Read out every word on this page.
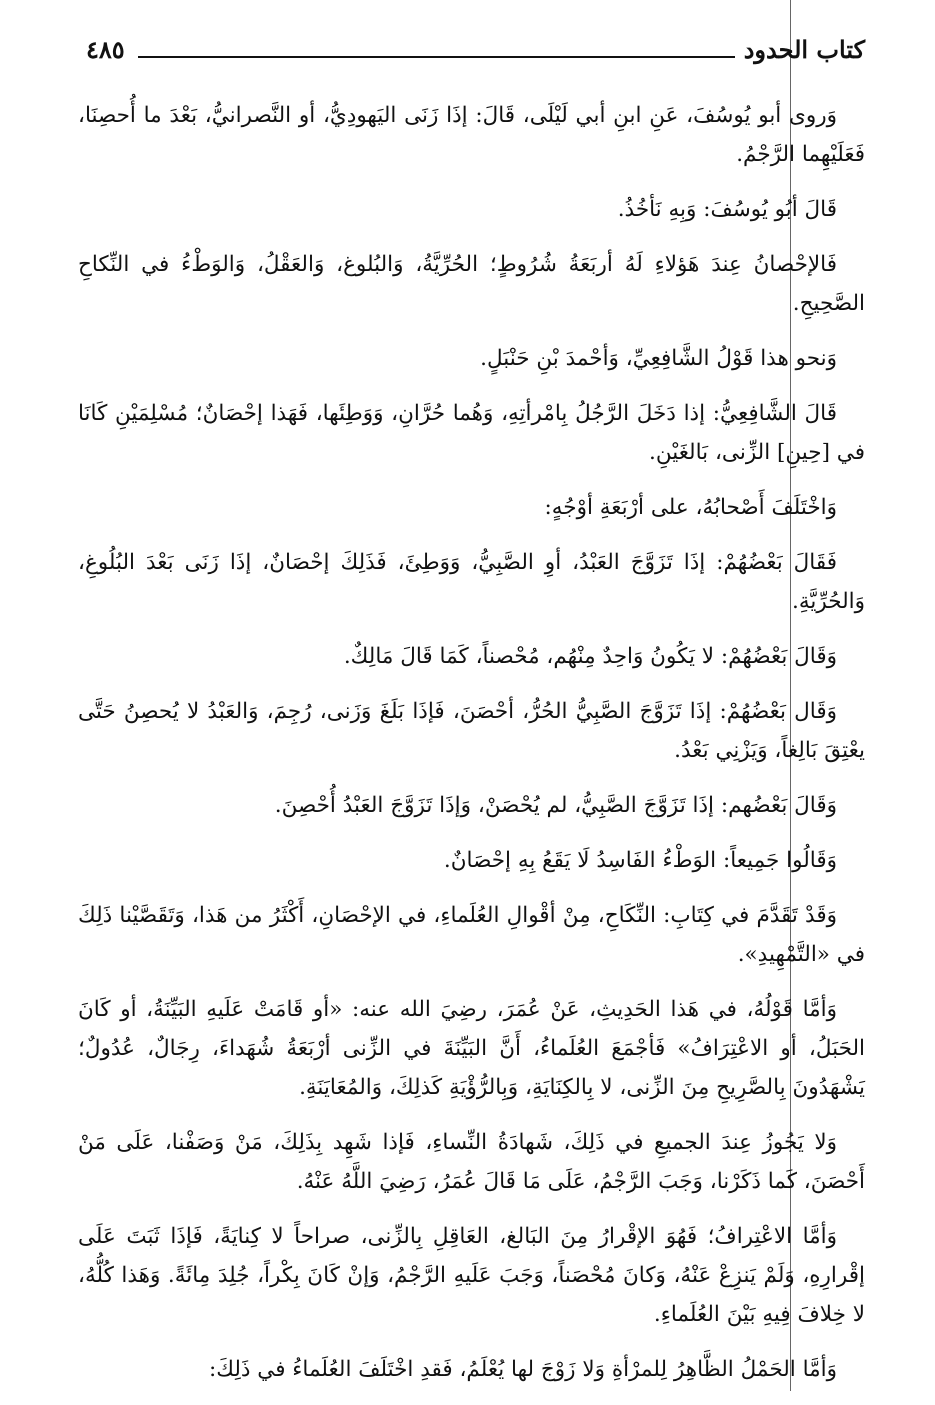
كتاب الحدود
٤٨٥

وَروى أبو يُوسُفَ، عَنِ ابنِ أبي لَيْلَى، قَالَ: إذَا زَنَى اليَهودِيُّ، أو النَّصرانيُّ، بَعْدَ ما أُحصِنَا، فَعَلَيْهِما الرَّجْمُ.

قَالَ أبُو يُوسُفَ: وَبِهِ نَأخُذُ.

فَالإحْصانُ عِندَ هَؤلاءِ لَهُ أربَعَةُ شُرُوطٍ؛ الحُرِّيَّةُ، وَالبُلوغ، وَالعَقْلُ، وَالوَطْءُ في النِّكاحِ الصَّحِيحِ.

وَنحو هذا قَوْلُ الشَّافِعِيِّ، وَأحْمدَ بْنِ حَنْبَلٍ.

قَالَ الشَّافِعِيُّ: إذا دَخَلَ الرَّجُلُ بِامْرأتِهِ، وَهُما حُرَّانِ، وَوَطِئَها، فَهَذا إحْصَانٌ؛ مُسْلِمَيْنِ كَانَا في [حِينِ] الزِّنى، بَالغَيْنِ.

وَاخْتَلَفَ أَصْحابُهُ، على أرْبَعَةِ أوْجُهٍ:

فَقَالَ بَعْضُهُمْ: إذَا تَزَوَّجَ العَبْدُ، أوِ الصَّبِيُّ، وَوَطِئَ، فَذَلِكَ إحْصَانٌ، إذَا زَنَى بَعْدَ البُلُوغِ، وَالحُرِّيَّةِ.

وَقَالَ بَعْضُهُمْ: لا يَكُونُ وَاحِدٌ مِنْهُم، مُحْصناً، كَمَا قَالَ مَالِكٌ.

وَقَال بَعْضُهُمْ: إذَا تَزَوَّجَ الصَّبِيُّ الحُرُّ، أحْصَنَ، فَإذَا بَلَغَ وَزَنى، رُجِمَ، وَالعَبْدُ لا يُحصِنُ حَتَّى يعْتِقَ بَالِغاً، وَيَزْنِي بَعْدُ.

وَقَالَ بَعْضُهم: إذَا تَزَوَّجَ الصَّبِيُّ، لم يُحْصَنْ، وَإذَا تَزَوَّجَ العَبْدُ أُحْصِنَ.

وَقَالُوا جَمِيعاً: الوَطْءُ الفَاسِدُ لَا يَقَعُ بِهِ إحْصَانٌ.

وَقَدْ تَقَدَّمَ في كِتَابِ: النِّكَاحِ، مِنْ أقْوالِ العُلَماءِ، في الإحْصَانِ، أَكْثَرُ من هَذا، وَتَقَصَّيْنا ذَلِكَ في «التَّمْهِيدِ».

وَأمَّا قَوْلُهُ، في هَذا الحَدِيثِ، عَنْ عُمَرَ، رضِيَ الله عنه: «أو قَامَتْ عَلَيهِ البَيِّنَةُ، أو كَانَ الحَبَلُ، أو الاعْتِرَافُ» فَأجْمَعَ العُلَماءُ، أَنَّ البَيِّنَةَ في الزِّنى أرْبَعَةُ شُهَداءَ، رِجَالٌ، عُدُولٌ؛ يَشْهَدُونَ بِالصَّرِيحِ مِنَ الزِّنى، لا بِالكِنَايَةِ، وَبِالرُّؤْيَةِ كَذلِكَ، وَالمُعَايَنَةِ.

وَلا يَجُوزُ عِندَ الجميعِ في ذَلِكَ، شَهادَةُ النِّساءِ، فَإذا شَهِد بِذَلِكَ، مَنْ وَصَفْنا، عَلَى مَنْ أَحْصَنَ، كَما ذَكَرْنا، وَجَبَ الرَّجْمُ، عَلَى مَا قَالَ عُمَرُ، رَضِيَ اللَّهُ عَنْهُ.

وَأمَّا الاعْتِرافُ؛ فَهُوَ الإقْرارُ مِنَ البَالغ، العَاقِلِ بِالزِّنى، صراحاً لا كِنايَةً، فَإذَا ثَبَتَ عَلَى إقْرارِهِ، وَلَمْ يَنزِعْ عَنْهُ، وَكانَ مُحْصَناً، وَجَبَ عَلَيهِ الرَّجْمُ، وَإنْ كَانَ بِكْراً، جُلِدَ مِائَةً. وَهَذا كُلُّهُ، لا خِلافَ فِيهِ بَيْنَ العُلَماءِ.

وَأمَّا الحَمْلُ الظَّاهِرُ لِلمرْأةِ وَلا زَوْجَ لها يُعْلَمُ، فَقدِ اخْتَلَفَ العُلَماءُ في ذَلِكَ:
